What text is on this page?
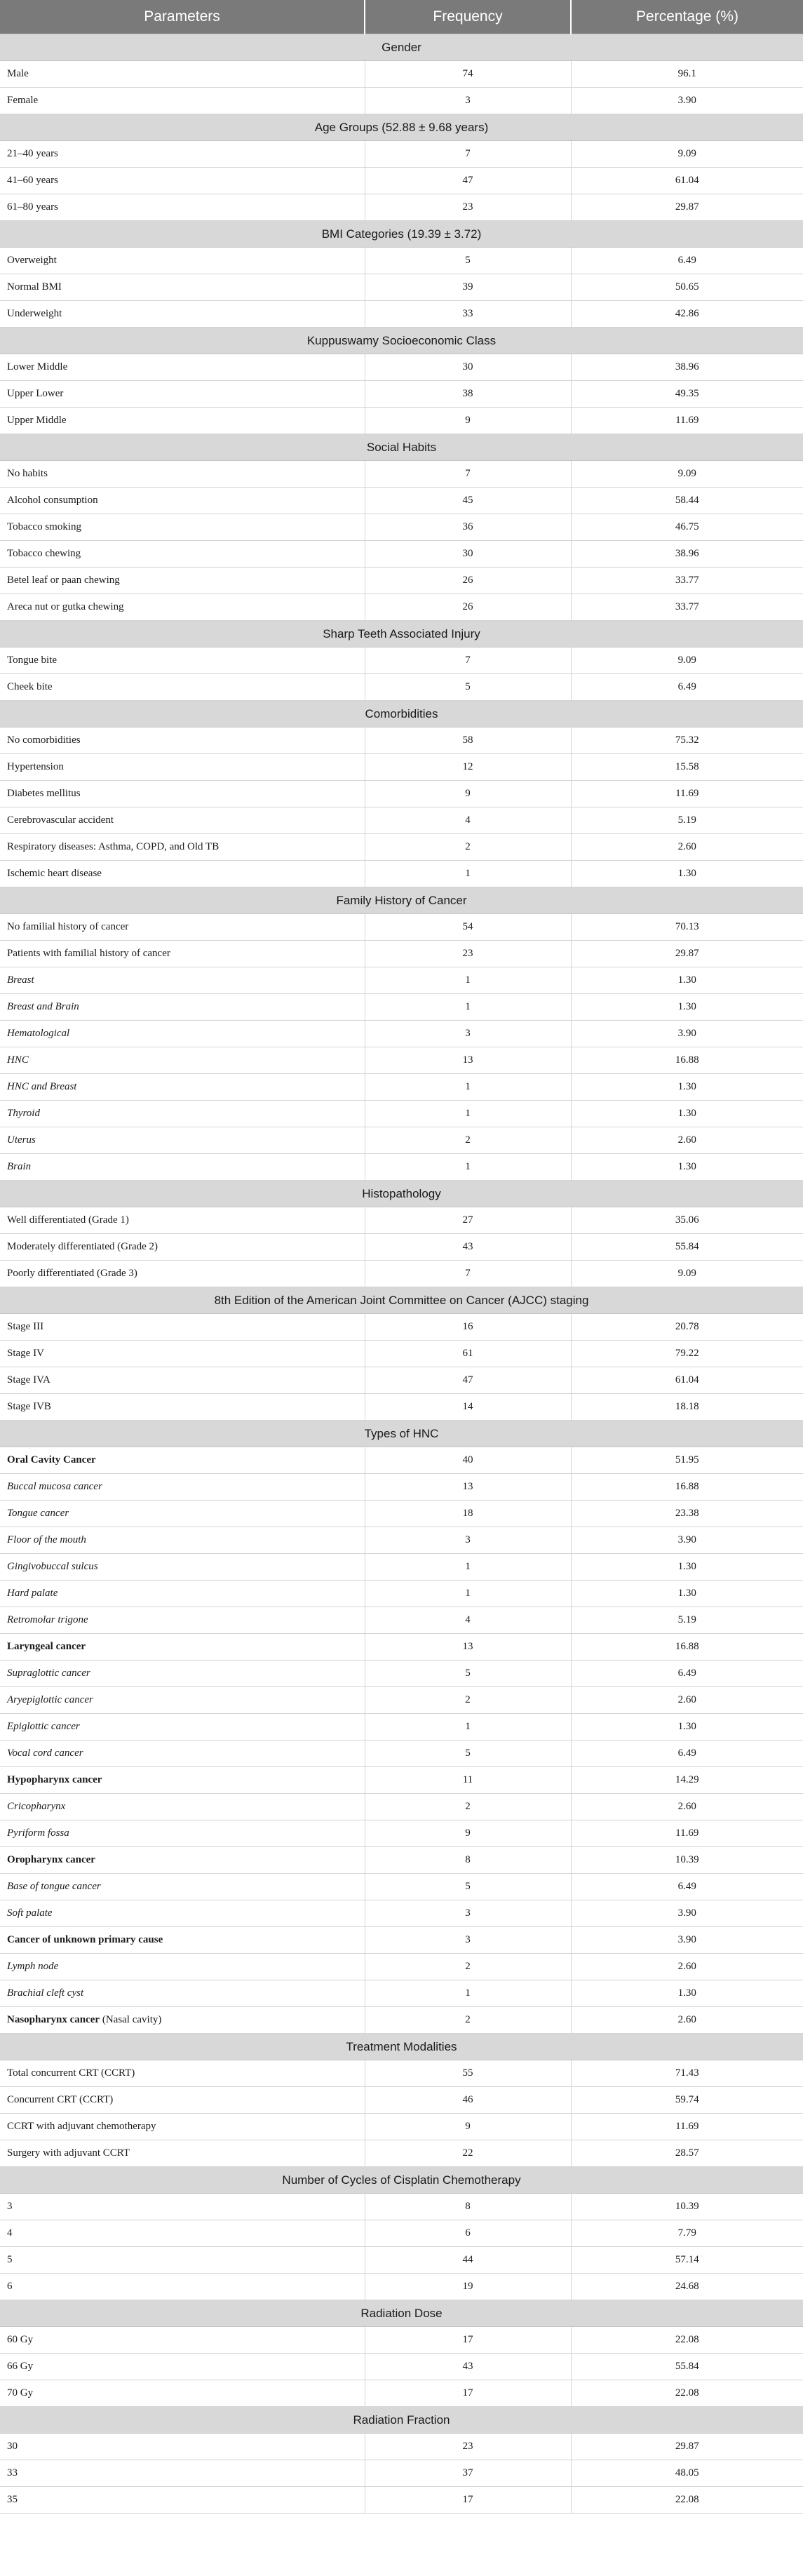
Parameters	Frequency	Percentage (%)
Gender		
Male	74	96.1
Female	3	3.90
Age Groups (52.88 ± 9.68 years)		
21–40 years	7	9.09
41–60 years	47	61.04
61–80 years	23	29.87
BMI Categories (19.39 ± 3.72)		
Overweight	5	6.49
Normal BMI	39	50.65
Underweight	33	42.86
Kuppuswamy Socioeconomic Class		
Lower Middle	30	38.96
Upper Lower	38	49.35
Upper Middle	9	11.69
Social Habits		
No habits	7	9.09
Alcohol consumption	45	58.44
Tobacco smoking	36	46.75
Tobacco chewing	30	38.96
Betel leaf or paan chewing	26	33.77
Areca nut or gutka chewing	26	33.77
Sharp Teeth Associated Injury		
Tongue bite	7	9.09
Cheek bite	5	6.49
Comorbidities		
No comorbidities	58	75.32
Hypertension	12	15.58
Diabetes mellitus	9	11.69
Cerebrovascular accident	4	5.19
Respiratory diseases: Asthma, COPD, and Old TB	2	2.60
Ischemic heart disease	1	1.30
Family History of Cancer		
No familial history of cancer	54	70.13
Patients with familial history of cancer	23	29.87
Breast	1	1.30
Breast and Brain	1	1.30
Hematological	3	3.90
HNC	13	16.88
HNC and Breast	1	1.30
Thyroid	1	1.30
Uterus	2	2.60
Brain	1	1.30
Histopathology		
Well differentiated (Grade 1)	27	35.06
Moderately differentiated (Grade 2)	43	55.84
Poorly differentiated (Grade 3)	7	9.09
8th Edition of the American Joint Committee on Cancer (AJCC) staging		
Stage III	16	20.78
Stage IV	61	79.22
Stage IVA	47	61.04
Stage IVB	14	18.18
Types of HNC		
Oral Cavity Cancer	40	51.95
Buccal mucosa cancer	13	16.88
Tongue cancer	18	23.38
Floor of the mouth	3	3.90
Gingivobuccal sulcus	1	1.30
Hard palate	1	1.30
Retromolar trigone	4	5.19
Laryngeal cancer	13	16.88
Supraglottic cancer	5	6.49
Aryepiglottic cancer	2	2.60
Epiglottic cancer	1	1.30
Vocal cord cancer	5	6.49
Hypopharynx cancer	11	14.29
Cricopharynx	2	2.60
Pyriform fossa	9	11.69
Oropharynx cancer	8	10.39
Base of tongue cancer	5	6.49
Soft palate	3	3.90
Cancer of unknown primary cause	3	3.90
Lymph node	2	2.60
Brachial cleft cyst	1	1.30
Nasopharynx cancer (Nasal cavity)	2	2.60
Treatment Modalities		
Total concurrent CRT (CCRT)	55	71.43
Concurrent CRT (CCRT)	46	59.74
CCRT with adjuvant chemotherapy	9	11.69
Surgery with adjuvant CCRT	22	28.57
Number of Cycles of Cisplatin Chemotherapy		
3	8	10.39
4	6	7.79
5	44	57.14
6	19	24.68
Radiation Dose		
60 Gy	17	22.08
66 Gy	43	55.84
70 Gy	17	22.08
Radiation Fraction		
30	23	29.87
33	37	48.05
35	17	22.08
